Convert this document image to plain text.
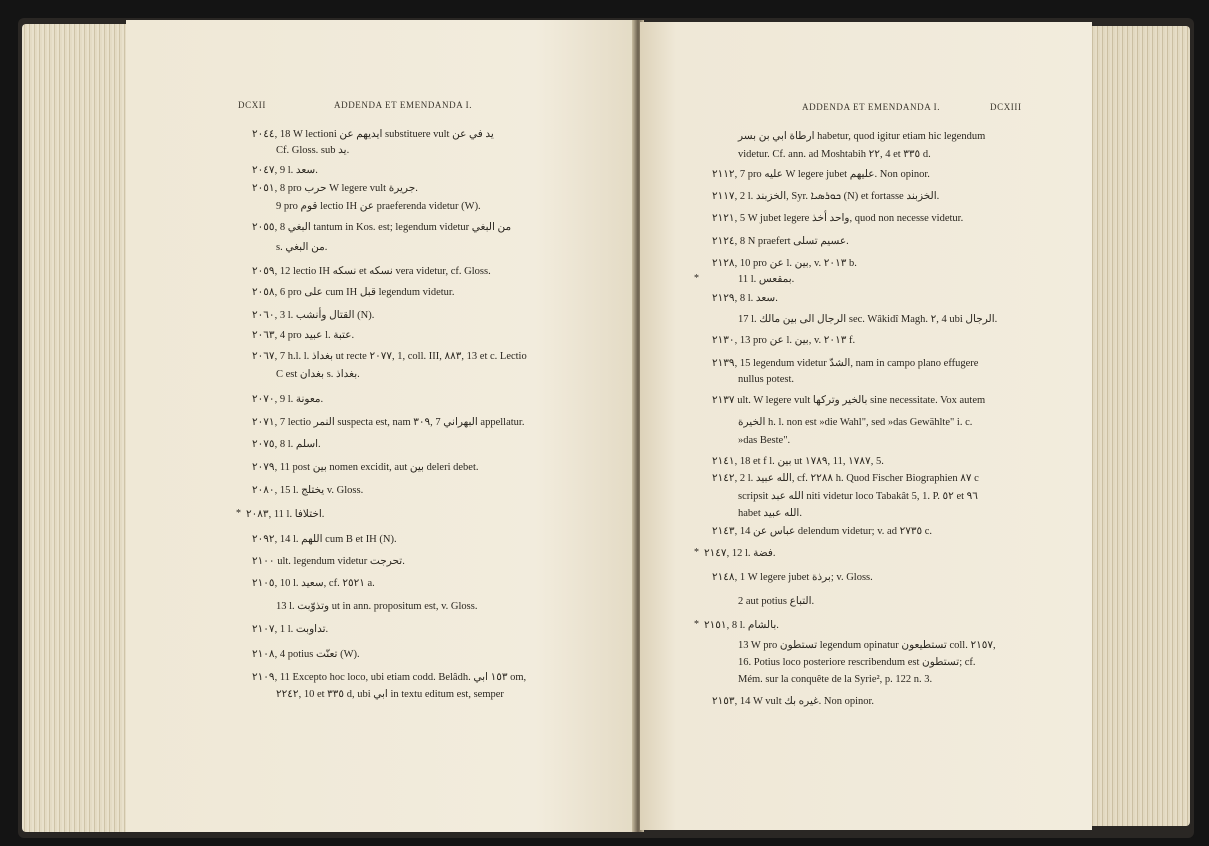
DCXII	ADDENDA ET EMENDANDA I.
٢٠٤٤, 18 W lectioni ايديهم عن substituere vult يد في عن
Cf. Gloss. sub يد.
٢٠٤٧, 9 l. سعد.
٢٠٥١, 8 pro حرب W legere vult جريرة.
9 pro قوم lectio IH عن praeferenda videtur (W).
٢٠٥٥, 8 البغي tantum in Kos. est; legendum videtur من البغي
s. من البغي.
٢٠٥٩, 12 lectio IH نسكه et نسكه vera videtur, cf. Gloss.
٢٠٥٨, 6 pro على cum IH قبل legendum videtur.
٢٠٦٠, 3 l. القتال وأنشب (N).
٢٠٦٣, 4 pro عبيد l. عتبة.
٢٠٦٧, 7 h.l. l. بغداذ ut recte ٢٠٧٧, 1, coll. III, ٨٨٣, 13 et c. Lectio
C est بغدان s. بغداذ.
٢٠٧٠, 9 l. معونة.
٢٠٧١, 7 lectio النمر suspecta est, nam ٣٠٩, 7 البهراني appellatur.
٢٠٧٥, 8 l. اسلم.
٢٠٧٩, 11 post بين nomen excidit, aut بين deleri debet.
٢٠٨٠, 15 l. يختلج v. Gloss.
* ٢٠٨٣, 11 l. اختلافا.
٢٠٩٢, 14 l. اللهم cum B et IH (N).
٢١٠٠ ult. legendum videtur تحرجت.
٢١٠٥, 10 l. سعيد, cf. ٢٥٢١ a.
13 l. وتذوّبت ut in ann. propositum est, v. Gloss.
٢١٠٧, 1 l. تداوبت.
٢١٠٨, 4 potius تعنّت (W).
٢١٠٩, 11 Excepto hoc loco, ubi etiam codd. Belâdh. ١٥٣ ابي om,
٢٢٤٢, 10 et ٣٣٥ d, ubi ابي in textu editum est, semper
ADDENDA ET EMENDANDA I.	DCXIII
ارطاة ابي بن بسر habetur, quod igitur etiam hic legendum
videtur. Cf. ann. ad Moshtabih ٢٢, 4 et ٣٣٥ d.
٢١١٢, 7 pro عليه W legere jubet عليهم. Non opinor.
٢١١٧, 2 l. الخزبند, Syr. ܟܘܪܣܝܐ (N) et fortasse الخزبند.
٢١٢١, 5 W jubet legere واحد أخذ, quod non necesse videtur.
٢١٢٤, 8 N praefert عسيم تسلى.
٢١٢٨, 10 pro عن l. بين, v. ٢٠١٣ b.
*	11 l. بمقعس.
٢١٢٩, 8 l. سعد.
17 l. الرجال الى بين مالك sec. Wâkidî Magh. ٢, 4 ubi الرجال.
٢١٣٠, 13 pro عن l. بين, v. ٢٠١٣ f.
٢١٣٩, 15 legendum videtur الشدّ, nam in campo plano effugere
nullus potest.
٢١٣٧ ult. W legere vult بالخير وتركها sine necessitate. Vox autem
الخيرة h. l. non est »die Wahl", sed »das Gewählte" i. c.
»das Beste".
٢١٤١, 18 et f l. بين ut ١٧٨٩, 11, ١٧٨٧, 5.
٢١٤٢, 2 l. الله عبيد, cf. ٢٢٨٨ h. Quod Fischer Biographien ٨٧ c
scripsit الله عبد niti videtur loco Tabakât 5, 1. P. ٥٢ et ٩٦
habet الله عبيد.
٢١٤٣, 14 عباس عن delendum videtur; v. ad ٢٧٣٥ c.
* ٢١٤٧, 12 l. فضة.
٢١٤٨, 1 W legere jubet برذة; v. Gloss.
2 aut potius التباع.
* ٢١٥١, 8 l. بالشام.
13 W pro تستطون legendum opinatur تستطيعون coll. ٢١٥٧,
16. Potius loco posteriore rescribendum est تستطون; cf.
Mém. sur la conquête de la Syrie², p. 122 n. 3.
٢١٥٣, 14 W vult غيره بك. Non opinor.
